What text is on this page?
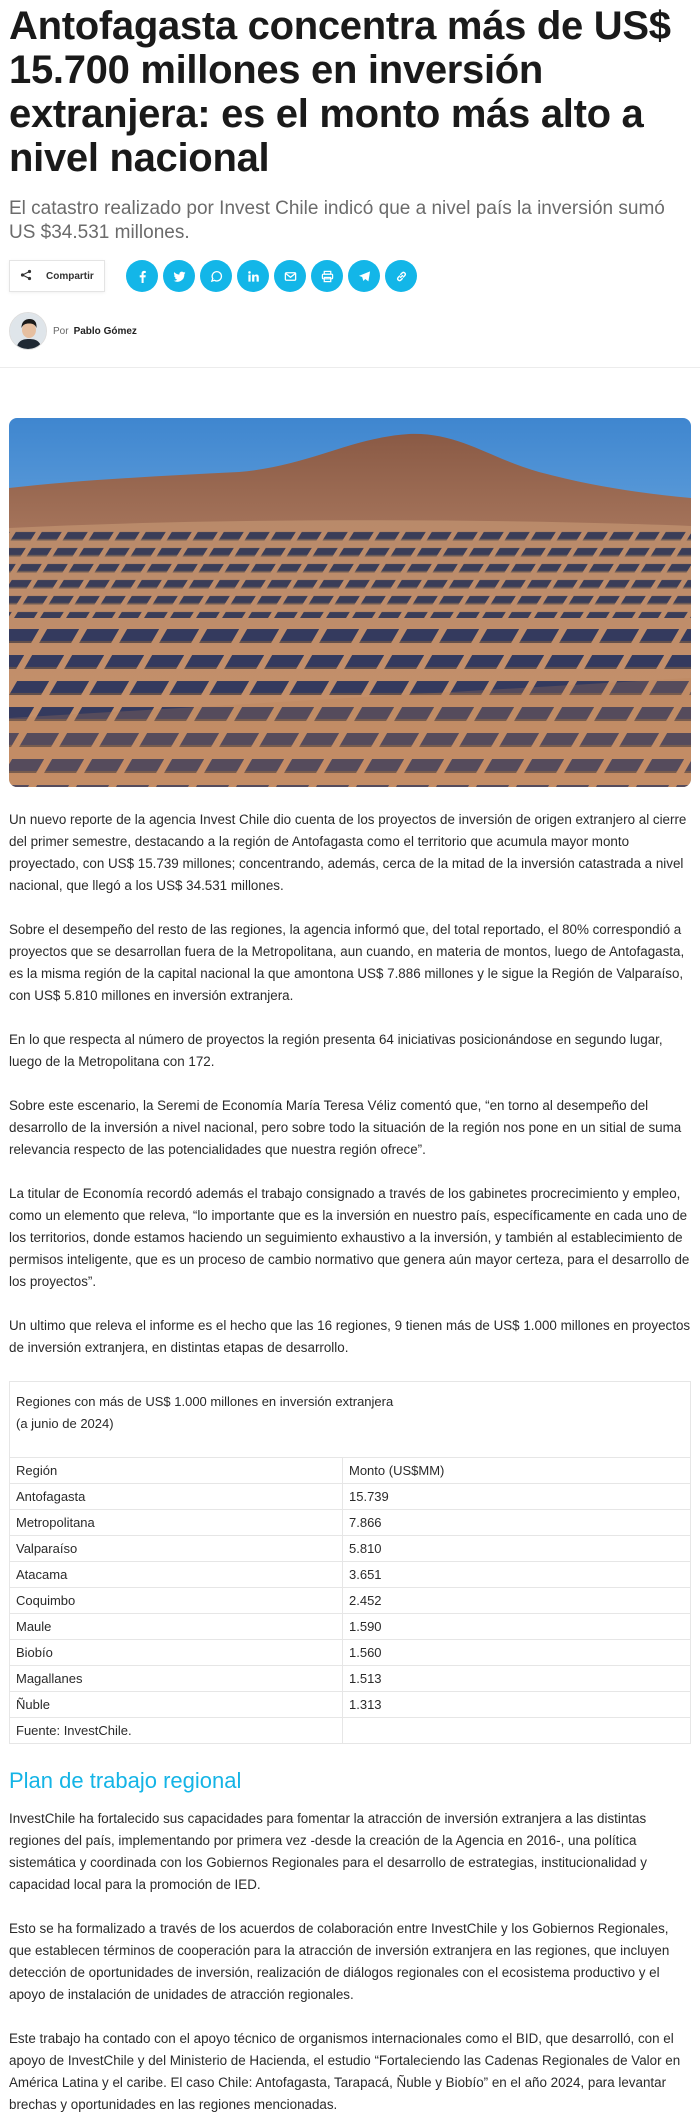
Antofagasta concentra más de US$ 15.700 millones en inversión extranjera: es el monto más alto a nivel nacional

El catastro realizado por Invest Chile indicó que a nivel país la inversión sumó US $34.531 millones.

Compartir
Por Pablo Gómez

Un nuevo reporte de la agencia Invest Chile dio cuenta de los proyectos de inversión de origen extranjero al cierre del primer semestre, destacando a la región de Antofagasta como el territorio que acumula mayor monto proyectado, con US$ 15.739 millones; concentrando, además, cerca de la mitad de la inversión catastrada a nivel nacional, que llegó a los US$ 34.531 millones.

Sobre el desempeño del resto de las regiones, la agencia informó que, del total reportado, el 80% correspondió a proyectos que se desarrollan fuera de la Metropolitana, aun cuando, en materia de montos, luego de Antofagasta, es la misma región de la capital nacional la que amontona US$ 7.886 millones y le sigue la Región de Valparaíso, con US$ 5.810 millones en inversión extranjera.

En lo que respecta al número de proyectos la región presenta 64 iniciativas posicionándose en segundo lugar, luego de la Metropolitana con 172.

Sobre este escenario, la Seremi de Economía María Teresa Véliz comentó que, “en torno al desempeño del desarrollo de la inversión a nivel nacional, pero sobre todo la situación de la región nos pone en un sitial de suma relevancia respecto de las potencialidades que nuestra región ofrece”.

La titular de Economía recordó además el trabajo consignado a través de los gabinetes procrecimiento y empleo, como un elemento que releva, “lo importante que es la inversión en nuestro país, específicamente en cada uno de los territorios, donde estamos haciendo un seguimiento exhaustivo a la inversión, y también al establecimiento de permisos inteligente, que es un proceso de cambio normativo que genera aún mayor certeza, para el desarrollo de los proyectos”.

Un ultimo que releva el informe es el hecho que las 16 regiones, 9 tienen más de US$ 1.000 millones en proyectos de inversión extranjera, en distintas etapas de desarrollo.

Regiones con más de US$ 1.000 millones en inversión extranjera
(a junio de 2024)	

Región	Monto (US$MM)
Antofagasta	15.739
Metropolitana	7.866
Valparaíso	5.810
Atacama	3.651
Coquimbo	2.452
Maule	1.590
Biobío	1.560
Magallanes	1.513
Ñuble	1.313
Fuente: InvestChile.	
Plan de trabajo regional

InvestChile ha fortalecido sus capacidades para fomentar la atracción de inversión extranjera a las distintas regiones del país, implementando por primera vez -desde la creación de la Agencia en 2016-, una política sistemática y coordinada con los Gobiernos Regionales para el desarrollo de estrategias, institucionalidad y capacidad local para la promoción de IED.

Esto se ha formalizado a través de los acuerdos de colaboración entre InvestChile y los Gobiernos Regionales, que establecen términos de cooperación para la atracción de inversión extranjera en las regiones, que incluyen detección de oportunidades de inversión, realización de diálogos regionales con el ecosistema productivo y el apoyo de instalación de unidades de atracción regionales.

Este trabajo ha contado con el apoyo técnico de organismos internacionales como el BID, que desarrolló, con el apoyo de InvestChile y del Ministerio de Hacienda, el estudio “Fortaleciendo las Cadenas Regionales de Valor en América Latina y el caribe. El caso Chile: Antofagasta, Tarapacá, Ñuble y Biobío” en el año 2024, para levantar brechas y oportunidades en las regiones mencionadas.
